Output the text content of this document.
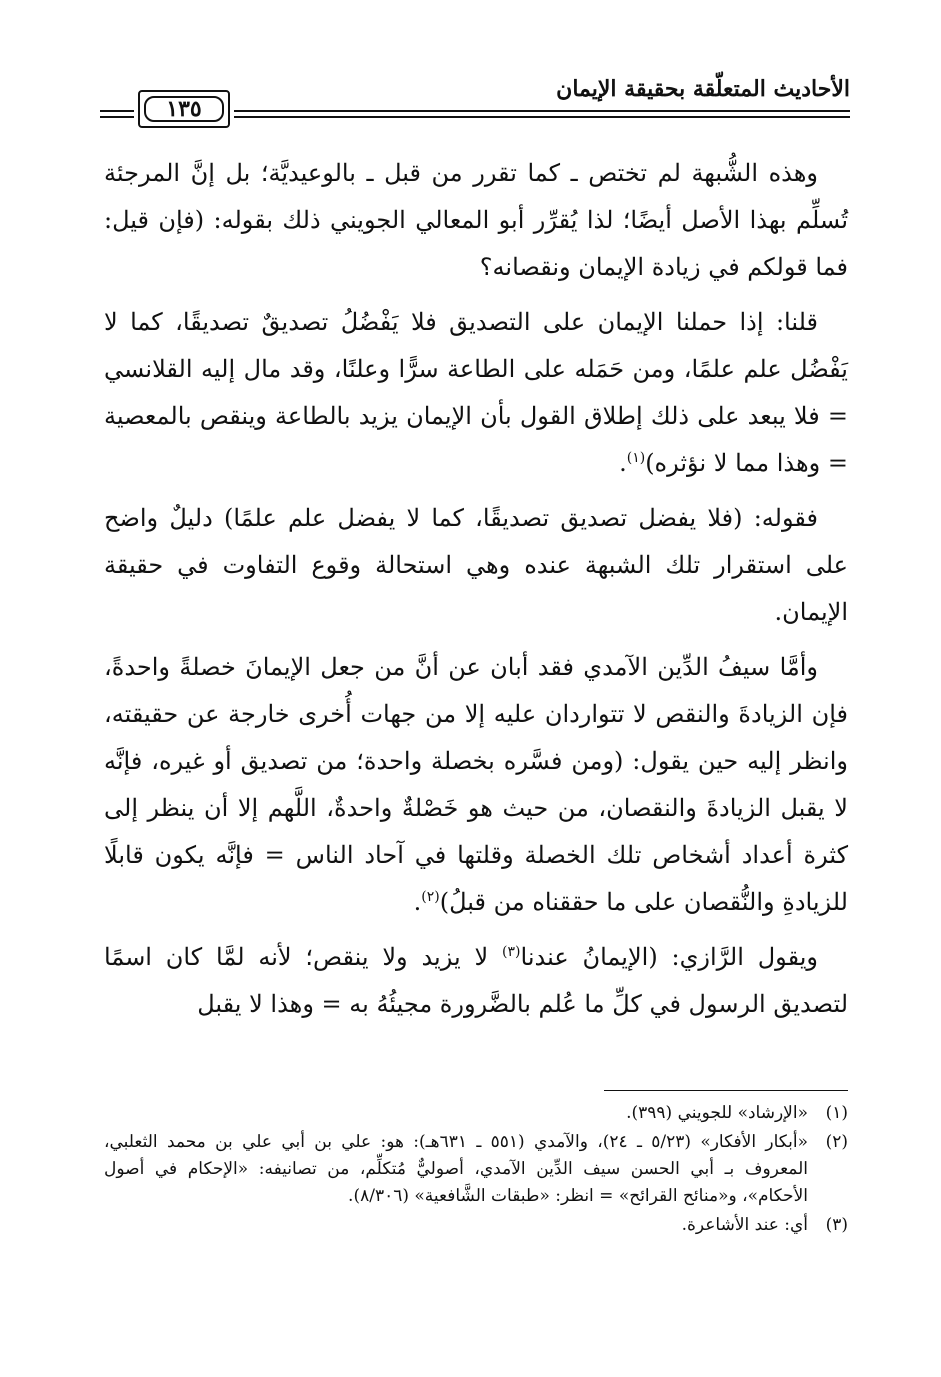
الأحاديث المتعلّقة بحقيقة الإيمان
١٣٥

وهذه الشُّبهة لم تختص ـ كما تقرر من قبل ـ بالوعيديَّة؛ بل إنَّ المرجئة تُسلِّم بهذا الأصل أيضًا؛ لذا يُقرِّر أبو المعالي الجويني ذلك بقوله: (فإن قيل: فما قولكم في زيادة الإيمان ونقصانه؟

قلنا: إذا حملنا الإيمان على التصديق فلا يَفْضُلُ تصديقٌ تصديقًا، كما لا يَفْضُل علم علمًا، ومن حَمَله على الطاعة سرًّا وعلنًا، وقد مال إليه القلانسي = فلا يبعد على ذلك إطلاق القول بأن الإيمان يزيد بالطاعة وينقص بالمعصية = وهذا مما لا نؤثره)$^{(١)}$.

فقوله: (فلا يفضل تصديق تصديقًا، كما لا يفضل علم علمًا) دليلٌ واضح على استقرار تلك الشبهة عنده وهي استحالة وقوع التفاوت في حقيقة الإيمان.

وأمَّا سيفُ الدِّين الآمدي فقد أبان عن أنَّ من جعل الإيمانَ خصلةً واحدةً، فإن الزيادةَ والنقص لا تتواردان عليه إلا من جهات أُخرى خارجة عن حقيقته، وانظر إليه حين يقول: (ومن فسَّره بخصلة واحدة؛ من تصديق أو غيره، فإنَّه لا يقبل الزيادةَ والنقصان، من حيث هو خَصْلةٌ واحدةٌ، اللَّهم إلا أن ينظر إلى كثرة أعداد أشخاص تلك الخصلة وقلتها في آحاد الناس = فإنَّه يكون قابلًا للزيادةِ والنُّقصان على ما حققناه من قبلُ)$^{(٢)}$.

ويقول الرَّازي: (الإيمانُ عندنا$^{(٣)}$ لا يزيد ولا ينقص؛ لأنه لمَّا كان اسمًا لتصديق الرسول في كلِّ ما عُلم بالضَّرورة مجيئُهُ به = وهذا لا يقبل

(١)
«الإرشاد» للجويني (٣٩٩).
(٢)
«أبكار الأفكار» (٥/٢٣ ـ ٢٤)، والآمدي (٥٥١ ـ ٦٣١هـ): هو: علي بن أبي علي بن محمد الثعلبي، المعروف بـ أبي الحسن سيف الدِّين الآمدي، أصوليٌّ مُتكلِّم، من تصانيفه: «الإحكام في أصول الأحكام»، و«منائح القرائح» = انظر: «طبقات الشَّافعية» (٨/٣٠٦).
(٣)
أي: عند الأشاعرة.
